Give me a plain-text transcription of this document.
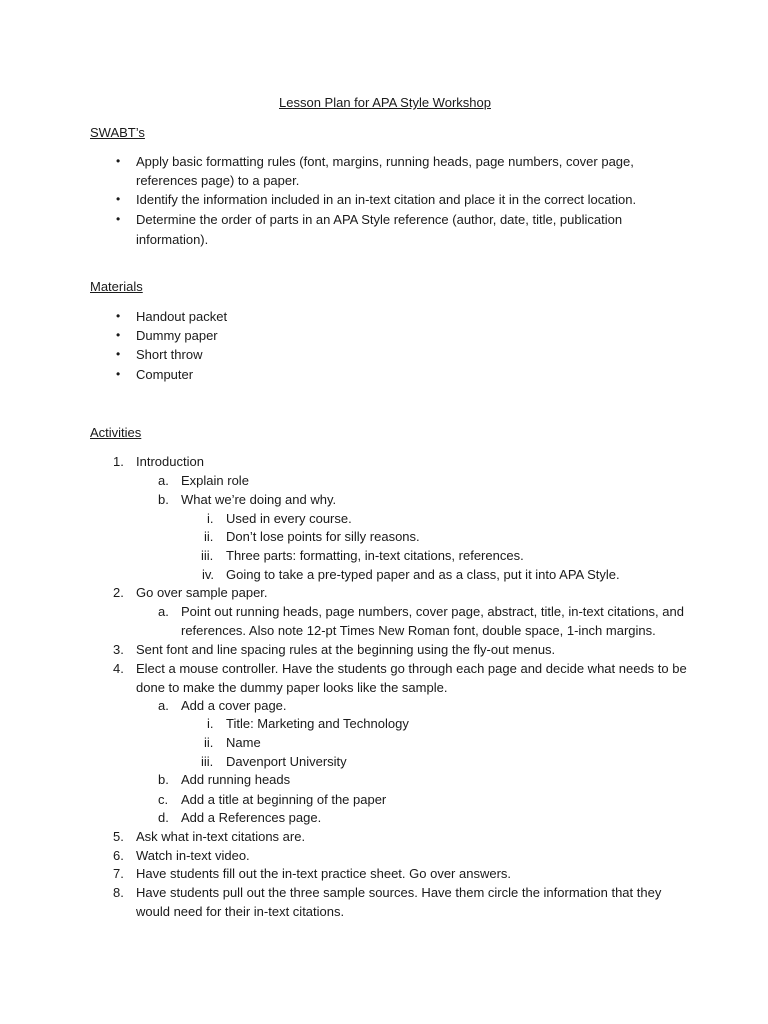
Lesson Plan for APA Style Workshop
SWABT’s
• Apply basic formatting rules (font, margins, running heads, page numbers, cover page,
references page) to a paper.
• Identify the information included in an in-text citation and place it in the correct location.
• Determine the order of parts in an APA Style reference (author, date, title, publication
information).
Materials
• Handout packet
• Dummy paper
• Short throw
• Computer
Activities
1. Introduction
a. Explain role
b. What we’re doing and why.
i. Used in every course.
ii. Don’t lose points for silly reasons.
iii. Three parts: formatting, in-text citations, references.
iv. Going to take a pre-typed paper and as a class, put it into APA Style.
2. Go over sample paper.
a. Point out running heads, page numbers, cover page, abstract, title, in-text citations, and
references. Also note 12-pt Times New Roman font, double space, 1-inch margins.
3. Sent font and line spacing rules at the beginning using the fly-out menus.
4. Elect a mouse controller. Have the students go through each page and decide what needs to be
done to make the dummy paper looks like the sample.
a. Add a cover page.
i. Title: Marketing and Technology
ii. Name
iii. Davenport University
b. Add running heads
c. Add a title at beginning of the paper
d. Add a References page.
5. Ask what in-text citations are.
6. Watch in-text video.
7. Have students fill out the in-text practice sheet. Go over answers.
8. Have students pull out the three sample sources. Have them circle the information that they
would need for their in-text citations.
